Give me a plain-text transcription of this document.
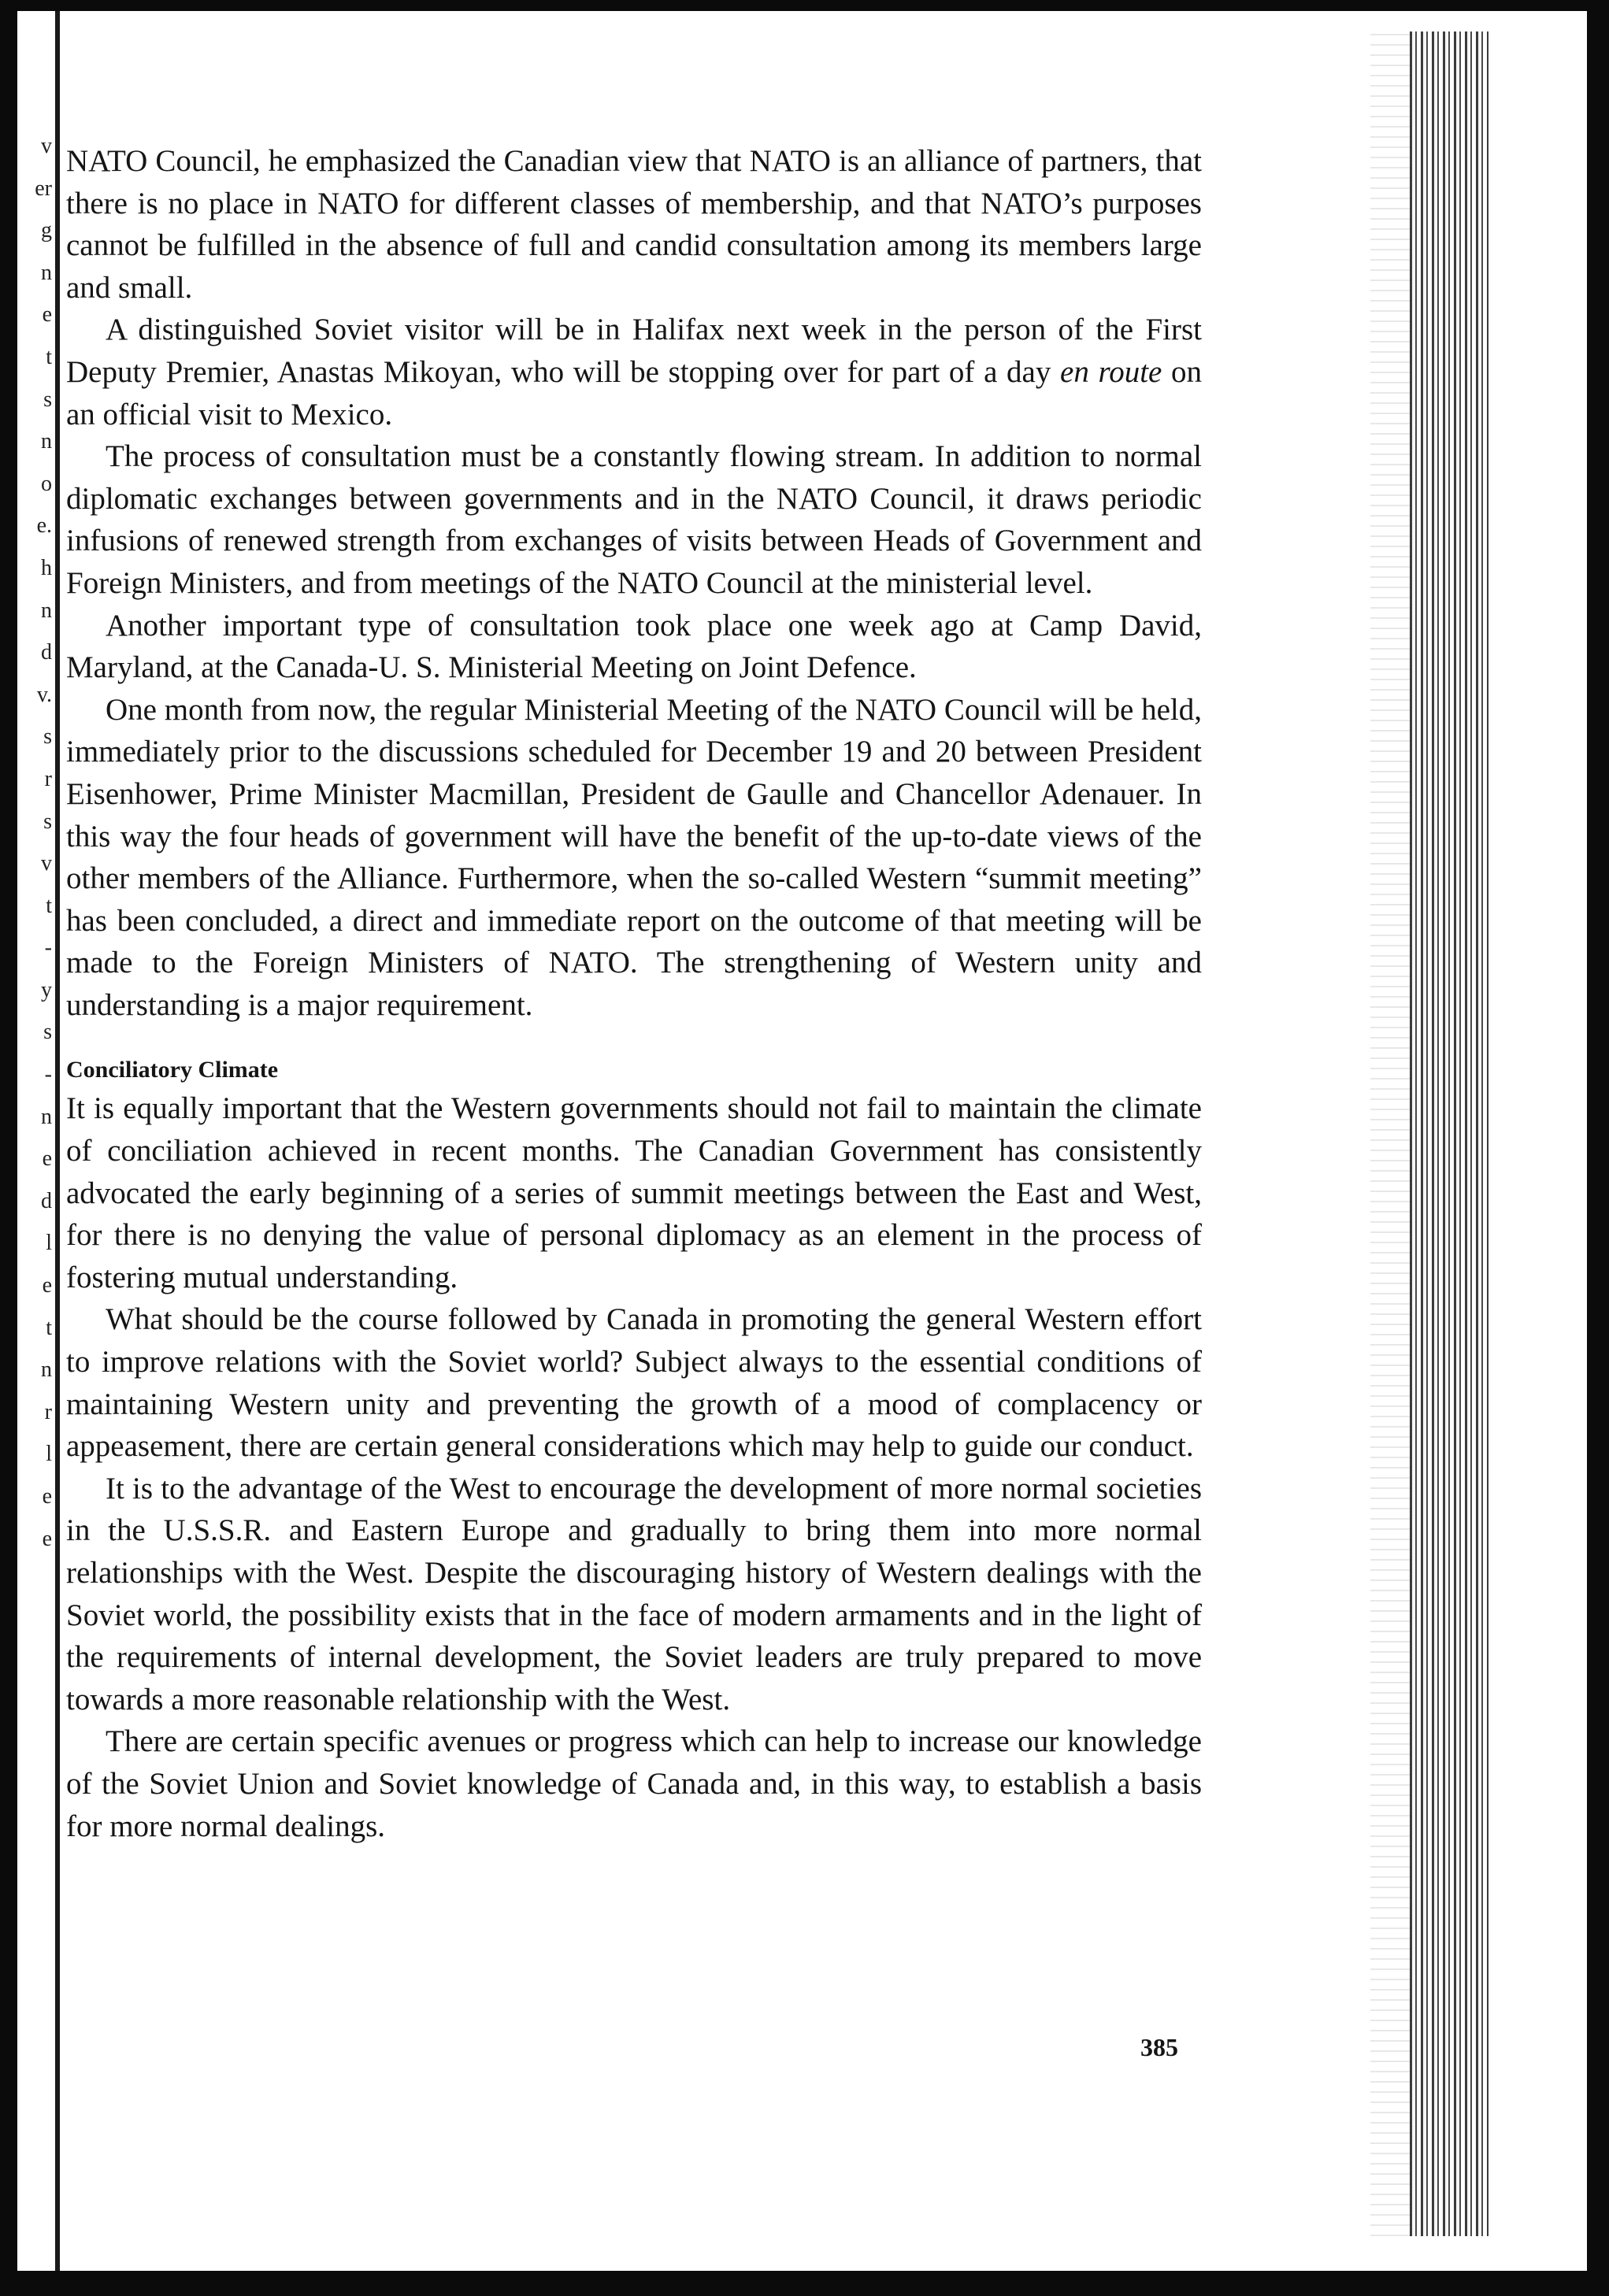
v
er
g
n
e
t
s
n
o
e.
h
n
d
v.
s
r
s
v
t
-
y
s
-
n
e
d
l
e
t
n
r
l
e
e

NATO Council, he emphasized the Canadian view that NATO is an alliance of partners, that there is no place in NATO for different classes of membership, and that NATO’s purposes cannot be fulfilled in the absence of full and candid consultation among its members large and small.

A distinguished Soviet visitor will be in Halifax next week in the person of the First Deputy Premier, Anastas Mikoyan, who will be stopping over for part of a day en route on an official visit to Mexico.

The process of consultation must be a constantly flowing stream. In addition to normal diplomatic exchanges between governments and in the NATO Council, it draws periodic infusions of renewed strength from exchanges of visits between Heads of Government and Foreign Ministers, and from meetings of the NATO Council at the ministerial level.

Another important type of consultation took place one week ago at Camp David, Maryland, at the Canada-U. S. Ministerial Meeting on Joint Defence.

One month from now, the regular Ministerial Meeting of the NATO Council will be held, immediately prior to the discussions scheduled for December 19 and 20 between President Eisenhower, Prime Minister Macmillan, President de Gaulle and Chancellor Adenauer. In this way the four heads of government will have the benefit of the up-to-date views of the other members of the Alliance. Furthermore, when the so-called Western “summit meeting” has been concluded, a direct and immediate report on the outcome of that meeting will be made to the Foreign Ministers of NATO. The strengthening of Western unity and understanding is a major requirement.

Conciliatory Climate

It is equally important that the Western governments should not fail to maintain the climate of conciliation achieved in recent months. The Canadian Government has consistently advocated the early beginning of a series of summit meetings between the East and West, for there is no denying the value of personal diplomacy as an element in the process of fostering mutual understanding.

What should be the course followed by Canada in promoting the general Western effort to improve relations with the Soviet world? Subject always to the essential conditions of maintaining Western unity and preventing the growth of a mood of complacency or appeasement, there are certain general considerations which may help to guide our conduct.

It is to the advantage of the West to encourage the development of more normal societies in the U.S.S.R. and Eastern Europe and gradually to bring them into more normal relationships with the West. Despite the discouraging history of Western dealings with the Soviet world, the possibility exists that in the face of modern armaments and in the light of the requirements of internal development, the Soviet leaders are truly prepared to move towards a more reasonable relationship with the West.

There are certain specific avenues or progress which can help to increase our knowledge of the Soviet Union and Soviet knowledge of Canada and, in this way, to establish a basis for more normal dealings.

385
